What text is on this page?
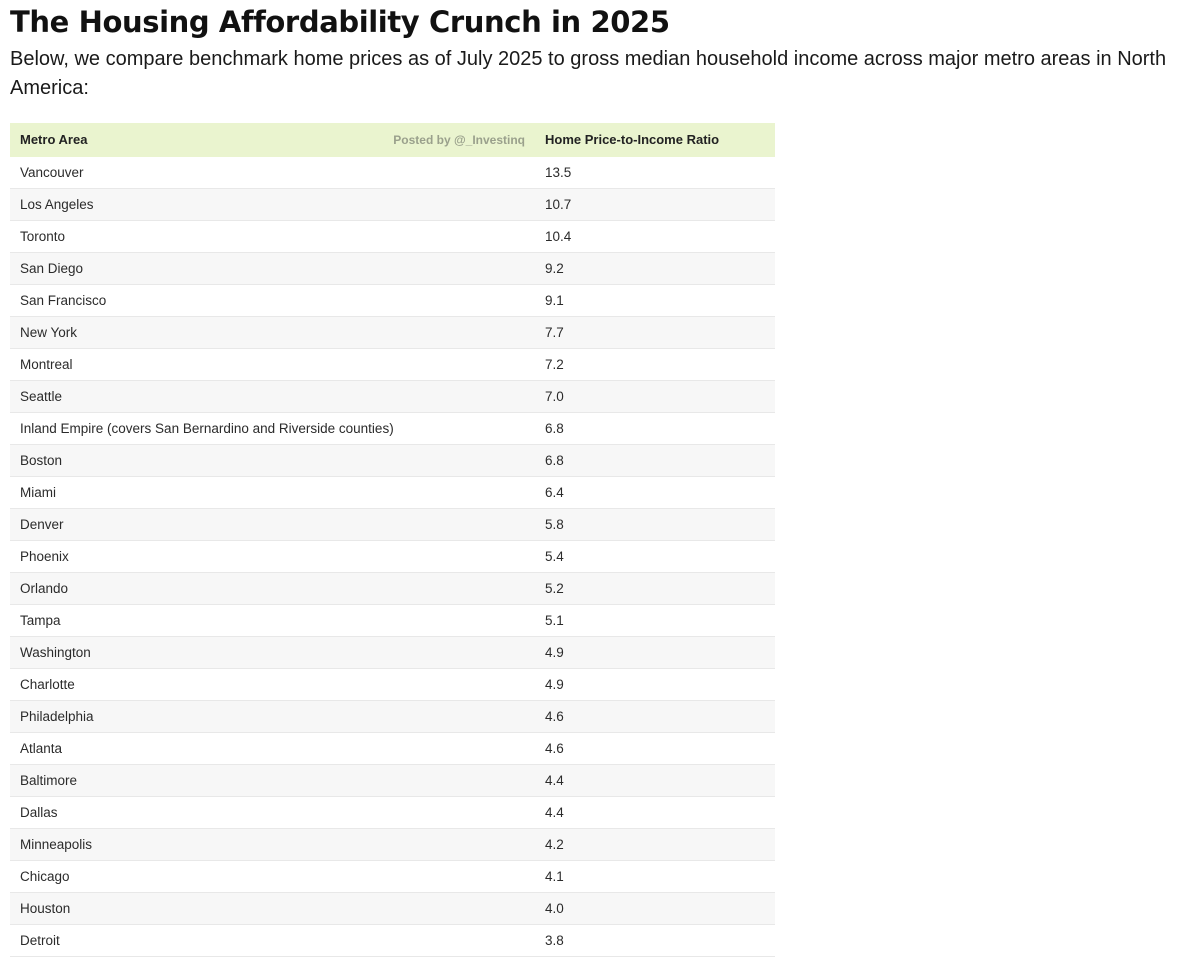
The Housing Affordability Crunch in 2025

Below, we compare benchmark home prices as of July 2025 to gross median household income across major metro areas in North America:

Metro Area Posted by @_Investinq	Home Price-to-Income Ratio
Vancouver	13.5
Los Angeles	10.7
Toronto	10.4
San Diego	9.2
San Francisco	9.1
New York	7.7
Montreal	7.2
Seattle	7.0
Inland Empire (covers San Bernardino and Riverside counties)	6.8
Boston	6.8
Miami	6.4
Denver	5.8
Phoenix	5.4
Orlando	5.2
Tampa	5.1
Washington	4.9
Charlotte	4.9
Philadelphia	4.6
Atlanta	4.6
Baltimore	4.4
Dallas	4.4
Minneapolis	4.2
Chicago	4.1
Houston	4.0
Detroit	3.8
